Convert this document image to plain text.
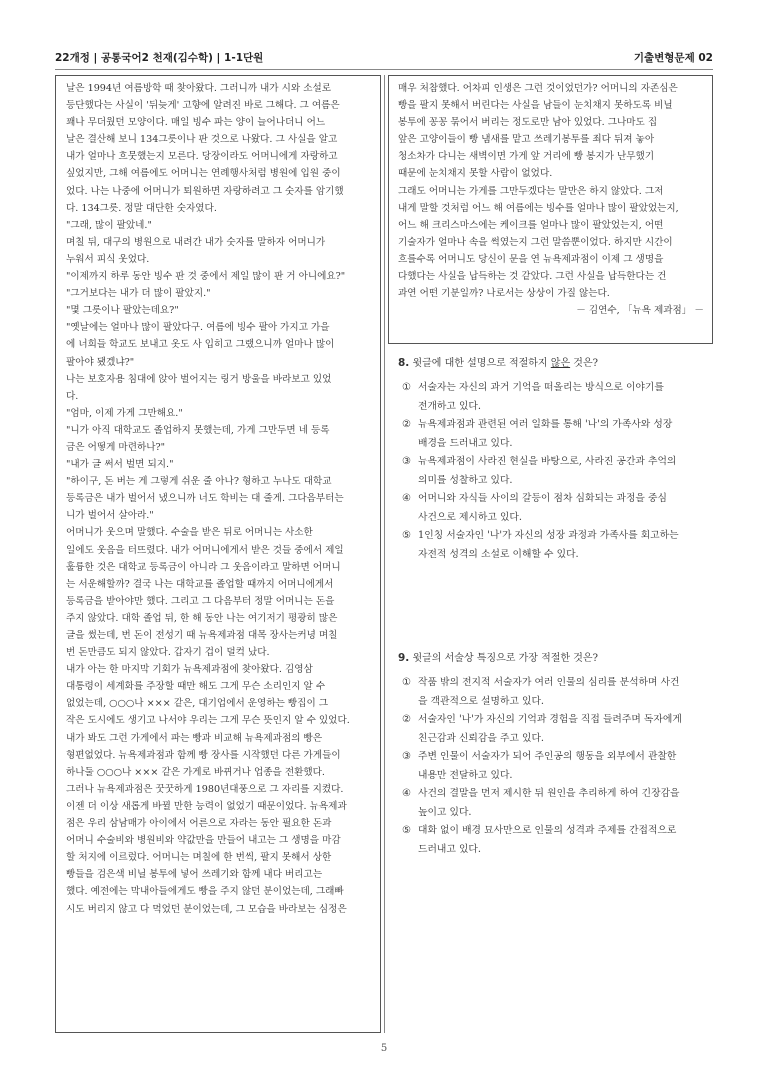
22개정 | 공통국어2 천재(김수학) | 1-1단원	기출변형문제 02
날은 1994년 여름방학 때 찾아왔다. 그러니까 내가 시와 소설로
등단했다는 사실이 '뒤늦게' 고향에 알려진 바로 그해다. 그 여름은
꽤나 무더웠던 모양이다. 매일 빙수 파는 양이 늘어나더니 어느
날은 결산해 보니 134그릇이나 판 것으로 나왔다. 그 사실을 알고
내가 얼마나 흐뭇했는지 모른다. 당장이라도 어머니에게 자랑하고
싶었지만, 그해 여름에도 어머니는 연례행사처럼 병원에 입원 중이
었다. 나는 나중에 어머니가 퇴원하면 자랑하려고 그 숫자를 암기했
다. 134그릇. 정말 대단한 숫자였다.
"그래, 많이 팔았네."
며칠 뒤, 대구의 병원으로 내려간 내가 숫자를 말하자 어머니가
누워서 피식 웃었다.
"이제까지 하루 동안 빙수 판 것 중에서 제일 많이 판 거 아니에요?"
"그거보다는 내가 더 많이 팔았지."
"몇 그릇이나 팔았는데요?"
"옛날에는 얼마나 많이 팔았다구. 여름에 빙수 팔아 가지고 가을
에 너희들 학교도 보내고 옷도 사 입히고 그랬으니까 얼마나 많이
팔아야 됐겠냐?"
나는 보호자용 침대에 앉아 벌어지는 링거 방울을 바라보고 있었
다.
"엄마, 이제 가게 그만해요."
"니가 아직 대학교도 졸업하지 못했는데, 가게 그만두면 네 등록
금은 어떻게 마련하나?"
"내가 글 써서 벌면 되지."
"하이구, 돈 버는 게 그렇게 쉬운 줄 아나? 형하고 누나도 대학교
등록금은 내가 벌어서 냈으니까 너도 학비는 대 줄게. 그다음부터는
니가 벌어서 살아라."
어머니가 웃으며 말했다. 수술을 받은 뒤로 어머니는 사소한
일에도 웃음을 터뜨렸다. 내가 어머니에게서 받은 것들 중에서 제일
훌륭한 것은 대학교 등록금이 아니라 그 웃음이라고 말하면 어머니
는 서운해할까? 결국 나는 대학교를 졸업할 때까지 어머니에게서
등록금을 받아야만 했다. 그리고 그 다음부터 정말 어머니는 돈을
주지 않았다. 대학 졸업 뒤, 한 해 동안 나는 여기저기 평광히 많은
글을 썼는데, 번 돈이 전성기 때 뉴욕제과점 대목 장사는커녕 며칠
번 돈만큼도 되지 않았다. 갑자기 겁이 덜컥 났다.
내가 아는 한 마지막 기회가 뉴욕제과점에 찾아왔다. 김영삼
대통령이 세계화를 주장할 때만 해도 그게 무슨 소리인지 알 수
없었는데, ○○○나 ××× 같은, 대기업에서 운영하는 빵집이 그
작은 도시에도 생기고 나서야 우리는 그게 무슨 뜻인지 알 수 있었다.
내가 봐도 그런 가게에서 파는 빵과 비교해 뉴욕제과점의 빵은
형편없었다. 뉴욕제과점과 함께 빵 장사를 시작했던 다른 가게들이
하나둘 ○○○나 ××× 같은 가게로 바뀌거나 업종을 전환했다.
그러나 뉴욕제과점은 꿋꿋하게 1980년대풍으로 그 자리를 지켰다.
이젠 더 이상 새롭게 바뀔 만한 능력이 없었기 때문이었다. 뉴욕제과
점은 우리 삼남매가 아이에서 어른으로 자라는 동안 필요한 돈과
어머니 수술비와 병원비와 약값만을 만들어 내고는 그 생명을 마감
할 처지에 이르렀다. 어머니는 며칠에 한 번씩, 팔지 못해서 상한
빵들을 검은색 비닐 봉투에 넣어 쓰레기와 함께 내다 버리고는
했다. 예전에는 막내아들에게도 빵을 주지 않던 분이었는데, 그래빠
시도 버리지 않고 다 먹었던 분이었는데, 그 모습을 바라보는 심정은
매우 처참했다. 어차피 인생은 그런 것이었던가? 어머니의 자존심은
빵을 팔지 못해서 버린다는 사실을 남들이 눈치채지 못하도록 비닐
봉투에 꽁꽁 묶어서 버리는 정도로만 남아 있었다. 그나마도 집
앞은 고양이들이 빵 냄새를 맡고 쓰레기봉투를 죄다 뒤져 놓아
청소차가 다니는 새벽이면 가게 앞 거리에 빵 봉지가 난무했기
때문에 눈치채지 못할 사람이 없었다.
그래도 어머니는 가게를 그만두겠다는 말만은 하지 않았다. 그저
내게 말할 것처럼 어느 해 여름에는 빙수를 얼마나 많이 팔았었는지,
어느 해 크리스마스에는 케이크를 얼마나 많이 팔았었는지, 어떤
기술자가 얼마나 속을 썩였는지 그런 말씀뿐이었다. 하지만 시간이
흐를수록 어머니도 당신이 문을 연 뉴욕제과점이 이제 그 생명을
다했다는 사실을 납득하는 것 같았다. 그런 사실을 납득한다는 건
과연 어떤 기분일까? 나로서는 상상이 가질 않는다.
－ 김연수, 「뉴욕 제과점」 －
8. 윗글에 대한 설명으로 적절하지 않은 것은?
① 서술자는 자신의 과거 기억을 떠올리는 방식으로 이야기를
전개하고 있다.
② 뉴욕제과점과 관련된 여러 일화를 통해 '나'의 가족사와 성장
배경을 드러내고 있다.
③ 뉴욕제과점이 사라진 현실을 바탕으로, 사라진 공간과 추억의
의미를 성찰하고 있다.
④ 어머니와 자식들 사이의 갈등이 점차 심화되는 과정을 중심
사건으로 제시하고 있다.
⑤ 1인칭 서술자인 '나'가 자신의 성장 과정과 가족사를 회고하는
자전적 성격의 소설로 이해할 수 있다.
9. 윗글의 서술상 특징으로 가장 적절한 것은?
① 작품 밖의 전지적 서술자가 여러 인물의 심리를 분석하며 사건
을 객관적으로 설명하고 있다.
② 서술자인 '나'가 자신의 기억과 경험을 직접 들려주며 독자에게
친근감과 신뢰감을 주고 있다.
③ 주변 인물이 서술자가 되어 주인공의 행동을 외부에서 관찰한
내용만 전달하고 있다.
④ 사건의 결말을 먼저 제시한 뒤 원인을 추리하게 하여 긴장감을
높이고 있다.
⑤ 대화 없이 배경 묘사만으로 인물의 성격과 주제를 간접적으로
드러내고 있다.
5
